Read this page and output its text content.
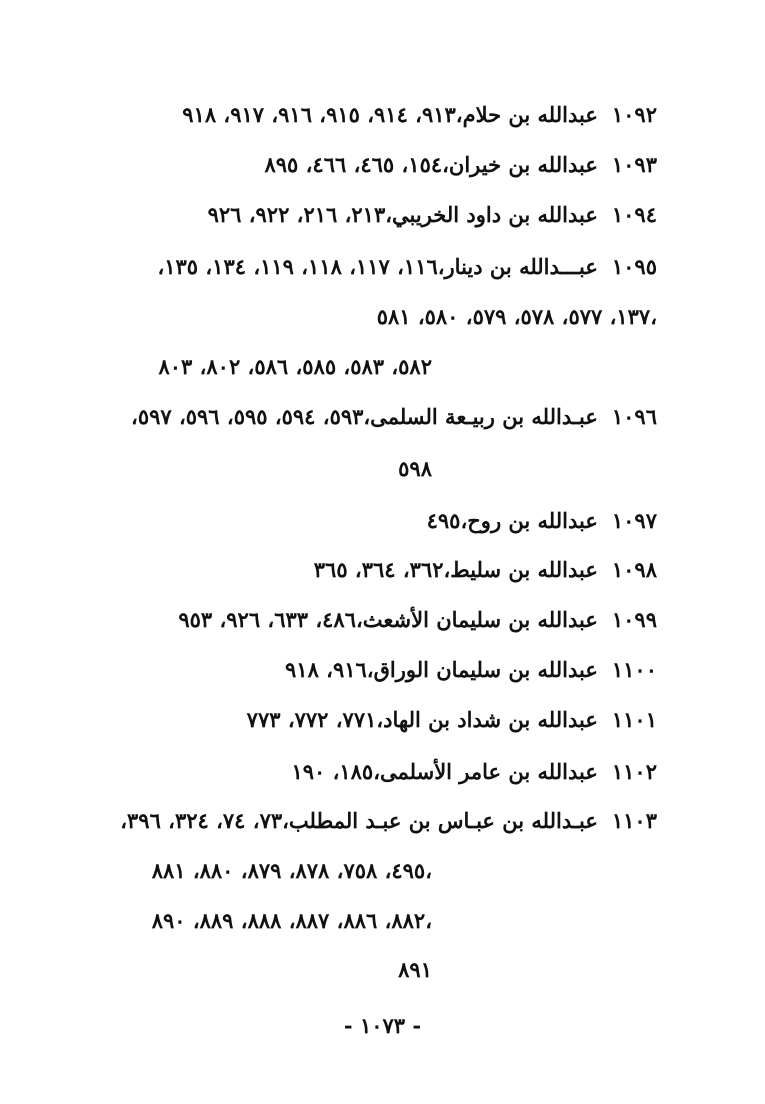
١٠٩٢عبدالله بن حلام،٩١٣، ٩١٤، ٩١٥، ٩١٦، ٩١٧، ٩١٨
١٠٩٣عبدالله بن خيران،١٥٤، ٤٦٥، ٤٦٦، ٨٩٥
١٠٩٤عبدالله بن داود الخريبي،٢١٣، ٢١٦، ٩٢٢، ٩٢٦
١٠٩٥عبـــدالله بن دينار،١١٦، ١١٧، ١١٨، ١١٩، ١٣٤، ١٣٥،
١٣٧، ٥٧٧، ٥٧٨، ٥٧٩، ٥٨٠، ٥٨١،
٥٨٢، ٥٨٣، ٥٨٥، ٥٨٦، ٨٠٢، ٨٠٣
١٠٩٦عبـدالله بن ربيـعة السلمى،٥٩٣، ٥٩٤، ٥٩٥، ٥٩٦، ٥٩٧،
٥٩٨
١٠٩٧عبدالله بن روح،٤٩٥
١٠٩٨عبدالله بن سليط،٣٦٢، ٣٦٤، ٣٦٥
١٠٩٩عبدالله بن سليمان الأشعث،٤٨٦، ٦٣٣، ٩٢٦، ٩٥٣
١١٠٠عبدالله بن سليمان الوراق،٩١٦، ٩١٨
١١٠١عبدالله بن شداد بن الهاد،٧٧١، ٧٧٢، ٧٧٣
١١٠٢عبدالله بن عامر الأسلمى،١٨٥، ١٩٠
١١٠٣عبـدالله بن عبـاس بن عبـد المطلب،٧٣، ٧٤، ٣٢٤، ٣٩٦،
٤٩٥، ٧٥٨، ٨٧٨، ٨٧٩، ٨٨٠، ٨٨١،
٨٨٢، ٨٨٦، ٨٨٧، ٨٨٨، ٨٨٩، ٨٩٠،
٨٩١
- ١٠٧٣ -
